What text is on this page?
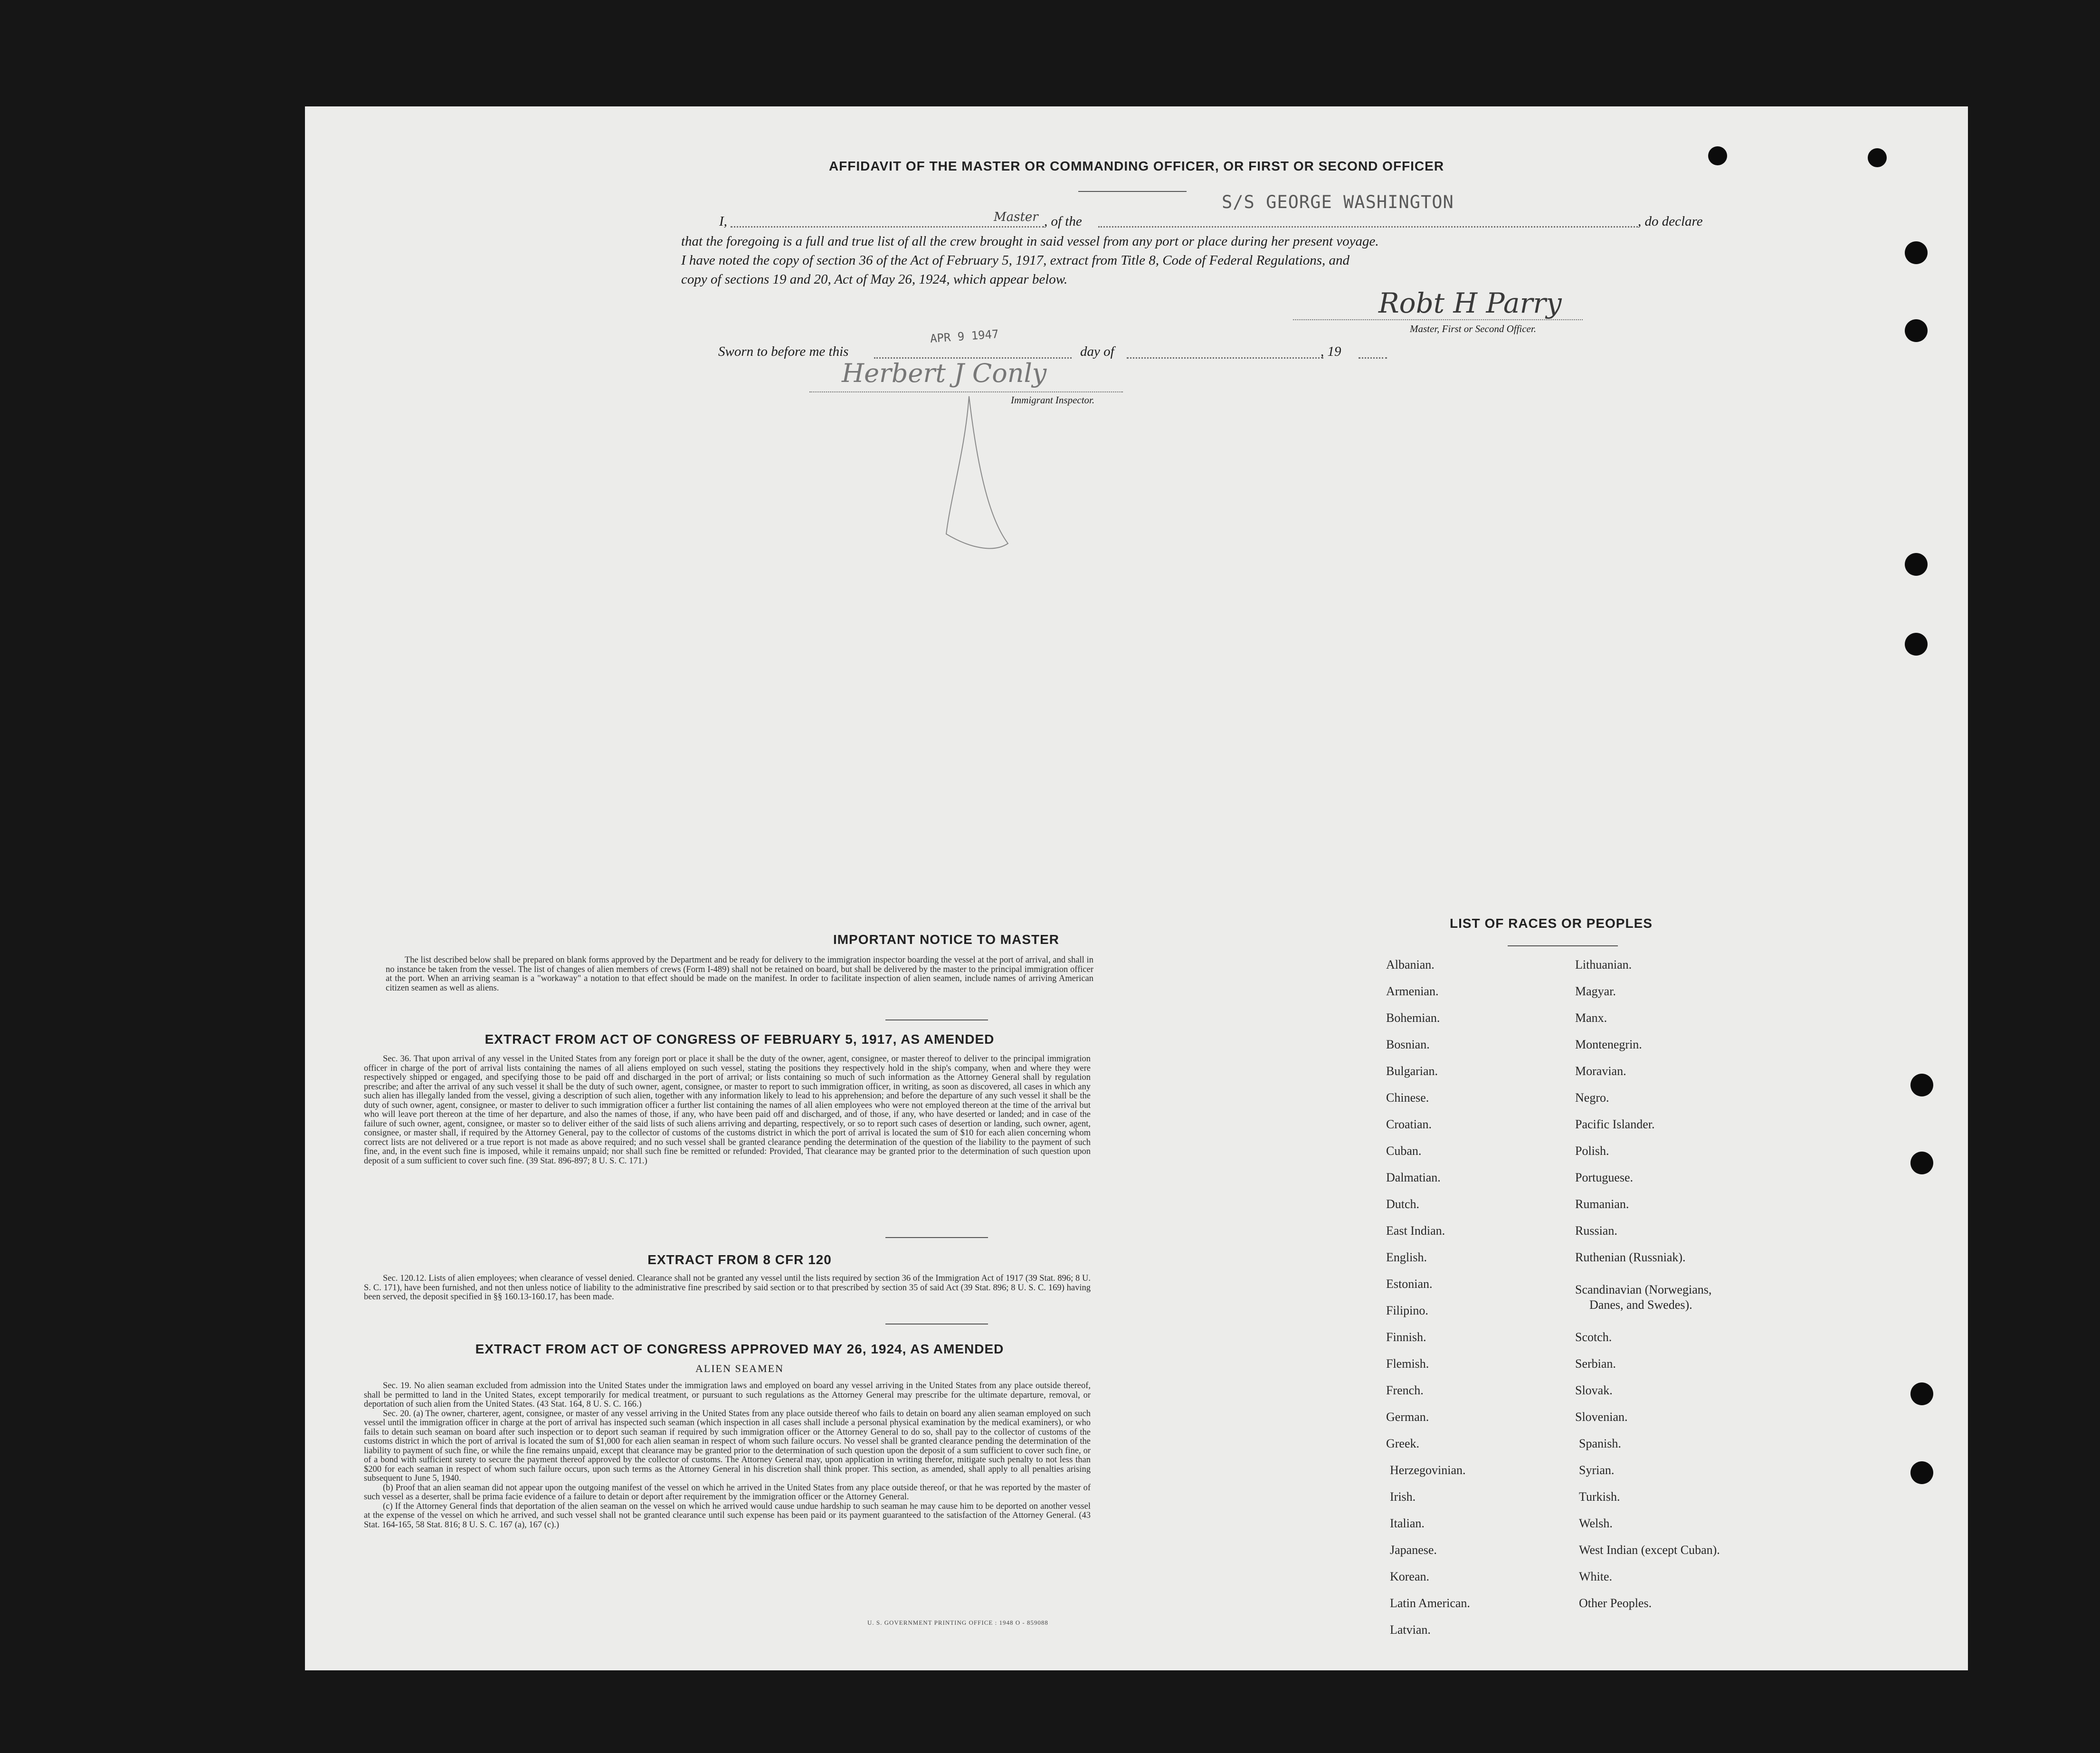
AFFIDAVIT OF THE MASTER OR COMMANDING OFFICER, OR FIRST OR SECOND OFFICER
I,	Master , of the
S/S GEORGE WASHINGTON
, do declare
that the foregoing is a full and true list of all the crew brought in said vessel from any port or place during her present voyage.
I have noted the copy of section 36 of the Act of February 5, 1917, extract from Title 8, Code of Federal Regulations, and
copy of sections 19 and 20, Act of May 26, 1924, which appear below.
Robt H Parry
Master, First or Second Officer.
Sworn to before me this
APR 9 1947
day of	, 19
Herbert J Conly
Immigrant Inspector.
IMPORTANT NOTICE TO MASTER

The list described below shall be prepared on blank forms approved by the Department and be ready for delivery to the immigration inspector boarding the vessel at the port of arrival, and shall in no instance be taken from the vessel. The list of changes of alien members of crews (Form I-489) shall not be retained on board, but shall be delivered by the master to the principal immigration officer at the port. When an arriving seaman is a "workaway" a notation to that effect should be made on the manifest. In order to facilitate inspection of alien seamen, include names of arriving American citizen seamen as well as aliens.

EXTRACT FROM ACT OF CONGRESS OF FEBRUARY 5, 1917, AS AMENDED

Sec. 36. That upon arrival of any vessel in the United States from any foreign port or place it shall be the duty of the owner, agent, consignee, or master thereof to deliver to the principal immigration officer in charge of the port of arrival lists containing the names of all aliens employed on such vessel, stating the positions they respectively hold in the ship's company, when and where they were respectively shipped or engaged, and specifying those to be paid off and discharged in the port of arrival; or lists containing so much of such information as the Attorney General shall by regulation prescribe; and after the arrival of any such vessel it shall be the duty of such owner, agent, consignee, or master to report to such immigration officer, in writing, as soon as discovered, all cases in which any such alien has illegally landed from the vessel, giving a description of such alien, together with any information likely to lead to his apprehension; and before the departure of any such vessel it shall be the duty of such owner, agent, consignee, or master to deliver to such immigration officer a further list containing the names of all alien employees who were not employed thereon at the time of the arrival but who will leave port thereon at the time of her departure, and also the names of those, if any, who have been paid off and discharged, and of those, if any, who have deserted or landed; and in case of the failure of such owner, agent, consignee, or master so to deliver either of the said lists of such aliens arriving and departing, respectively, or so to report such cases of desertion or landing, such owner, agent, consignee, or master shall, if required by the Attorney General, pay to the collector of customs of the customs district in which the port of arrival is located the sum of $10 for each alien concerning whom correct lists are not delivered or a true report is not made as above required; and no such vessel shall be granted clearance pending the determination of the question of the liability to the payment of such fine, and, in the event such fine is imposed, while it remains unpaid; nor shall such fine be remitted or refunded: Provided, That clearance may be granted prior to the determination of such question upon deposit of a sum sufficient to cover such fine. (39 Stat. 896-897; 8 U. S. C. 171.)

EXTRACT FROM 8 CFR 120

Sec. 120.12. Lists of alien employees; when clearance of vessel denied. Clearance shall not be granted any vessel until the lists required by section 36 of the Immigration Act of 1917 (39 Stat. 896; 8 U. S. C. 171), have been furnished, and not then unless notice of liability to the administrative fine prescribed by said section or to that prescribed by section 35 of said Act (39 Stat. 896; 8 U. S. C. 169) having been served, the deposit specified in §§ 160.13-160.17, has been made.

EXTRACT FROM ACT OF CONGRESS APPROVED MAY 26, 1924, AS AMENDED
ALIEN SEAMEN

Sec. 19. No alien seaman excluded from admission into the United States under the immigration laws and employed on board any vessel arriving in the United States from any place outside thereof, shall be permitted to land in the United States, except temporarily for medical treatment, or pursuant to such regulations as the Attorney General may prescribe for the ultimate departure, removal, or deportation of such alien from the United States. (43 Stat. 164, 8 U. S. C. 166.)

Sec. 20. (a) The owner, charterer, agent, consignee, or master of any vessel arriving in the United States from any place outside thereof who fails to detain on board any alien seaman employed on such vessel until the immigration officer in charge at the port of arrival has inspected such seaman (which inspection in all cases shall include a personal physical examination by the medical examiners), or who fails to detain such seaman on board after such inspection or to deport such seaman if required by such immigration officer or the Attorney General to do so, shall pay to the collector of customs of the customs district in which the port of arrival is located the sum of $1,000 for each alien seaman in respect of whom such failure occurs. No vessel shall be granted clearance pending the determination of the liability to payment of such fine, or while the fine remains unpaid, except that clearance may be granted prior to the determination of such question upon the deposit of a sum sufficient to cover such fine, or of a bond with sufficient surety to secure the payment thereof approved by the collector of customs. The Attorney General may, upon application in writing therefor, mitigate such penalty to not less than $200 for each seaman in respect of whom such failure occurs, upon such terms as the Attorney General in his discretion shall think proper. This section, as amended, shall apply to all penalties arising subsequent to June 5, 1940.

(b) Proof that an alien seaman did not appear upon the outgoing manifest of the vessel on which he arrived in the United States from any place outside thereof, or that he was reported by the master of such vessel as a deserter, shall be prima facie evidence of a failure to detain or deport after requirement by the immigration officer or the Attorney General.

(c) If the Attorney General finds that deportation of the alien seaman on the vessel on which he arrived would cause undue hardship to such seaman he may cause him to be deported on another vessel at the expense of the vessel on which he arrived, and such vessel shall not be granted clearance until such expense has been paid or its payment guaranteed to the satisfaction of the Attorney General. (43 Stat. 164-165, 58 Stat. 816; 8 U. S. C. 167 (a), 167 (c).)

U. S. GOVERNMENT PRINTING OFFICE : 1948 O - 859088
LIST OF RACES OR PEOPLES
Albanian.
Armenian.
Bohemian.
Bosnian.
Bulgarian.
Chinese.
Croatian.
Cuban.
Dalmatian.
Dutch.
East Indian.
English.
Estonian.
Filipino.
Finnish.
Flemish.
French.
German.
Greek.
Herzegovinian.
Irish.
Italian.
Japanese.
Korean.
Latin American.
Latvian.
Lithuanian.
Magyar.
Manx.
Montenegrin.
Moravian.
Negro.
Pacific Islander.
Polish.
Portuguese.
Rumanian.
Russian.
Ruthenian (Russniak).
Scandinavian (Norwegians,
Danes, and Swedes).
Scotch.
Serbian.
Slovak.
Slovenian.
Spanish.
Syrian.
Turkish.
Welsh.
West Indian (except Cuban).
White.
Other Peoples.
